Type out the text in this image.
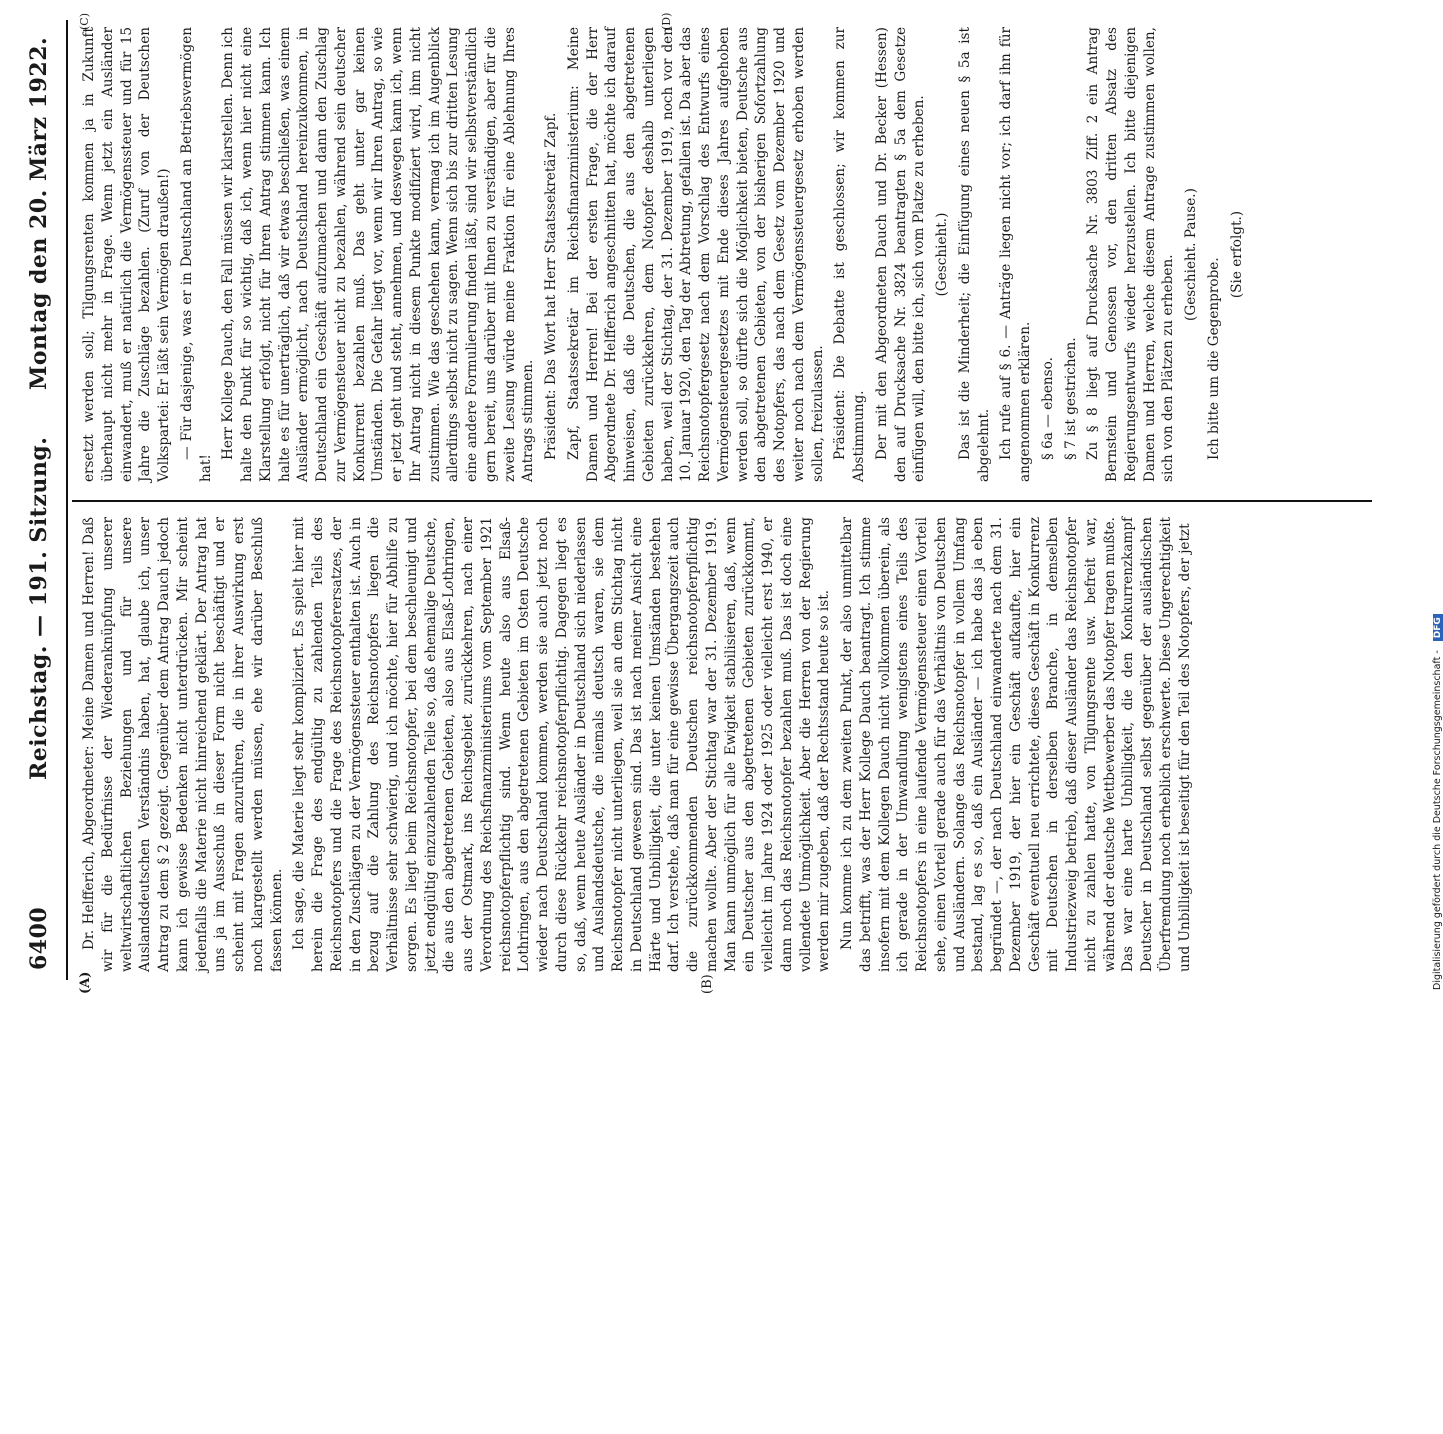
6400
Reichstag. — 191. Sitzung.
Montag den 20. März 1922.
(A)	(B)
(C)	(D)

Dr. Helfferich, Abgeordneter: Meine Damen und Herren! Daß wir für die Bedürfnisse der Wiederanknüpfung unserer weltwirtschaftlichen Beziehungen und für unsere Auslandsdeutschen Verständnis haben, hat, glaube ich, unser Antrag zu dem § 2 gezeigt. Gegenüber dem Antrag Dauch jedoch kann ich gewisse Bedenken nicht unterdrücken. Mir scheint jedenfalls die Materie nicht hinreichend geklärt. Der Antrag hat uns ja im Ausschuß in dieser Form nicht beschäftigt und er scheint mit Fragen anzurühren, die in ihrer Auswirkung erst noch klargestellt werden müssen, ehe wir darüber Beschluß fassen können. Ich sage, die Materie liegt sehr kompliziert. Es spielt hier mit herein die Frage des endgültig zu zahlenden Teils des Reichsnotopfers und die Frage des Reichsnotopferersatzes, der in den Zuschlägen zu der Vermögenssteuer enthalten ist. Auch in bezug auf die Zahlung des Reichsnotopfers liegen die Verhältnisse sehr schwierig, und ich möchte, hier für Abhilfe zu sorgen. Es liegt beim Reichsnotopfer, bei dem beschleunigt und jetzt endgültig einzuzahlenden Teile so, daß ehemalige Deutsche, die aus den abgetretenen Gebieten, also aus Elsaß-Lothringen, aus der Ostmark, ins Reichsgebiet zurückkehren, nach einer Verordnung des Reichsfinanzministeriums vom September 1921 reichsnotopferpflichtig sind. Wenn heute also aus Elsaß-Lothringen, aus den abgetretenen Gebieten im Osten Deutsche wieder nach Deutschland kommen, werden sie auch jetzt noch durch diese Rückkehr reichsnotopferpflichtig. Dagegen liegt es so, daß, wenn heute Ausländer in Deutschland sich niederlassen und Auslandsdeutsche, die niemals deutsch waren, sie dem Reichsnotopfer nicht unterliegen, weil sie an dem Stichtag nicht in Deutschland gewesen sind. Das ist nach meiner Ansicht eine Härte und Unbilligkeit, die unter keinen Umständen bestehen darf. Ich verstehe, daß man für eine gewisse Übergangszeit auch die zurückkommenden Deutschen reichsnotopferpflichtig machen wollte. Aber der Stichtag war der 31. Dezember 1919. Man kann unmöglich für alle Ewigkeit stabilisieren, daß, wenn ein Deutscher aus den abgetretenen Gebieten zurückkommt, vielleicht im Jahre 1924 oder 1925 oder vielleicht erst 1940, er dann noch das Reichsnotopfer bezahlen muß. Das ist doch eine vollendete Unmöglichkeit. Aber die Herren von der Regierung werden mir zugeben, daß der Rechtsstand heute so ist. Nun komme ich zu dem zweiten Punkt, der also unmittelbar das betrifft, was der Herr Kollege Dauch beantragt. Ich stimme insofern mit dem Kollegen Dauch nicht vollkommen überein, als ich gerade in der Umwandlung wenigstens eines Teils des Reichsnotopfers in eine laufende Vermögenssteuer einen Vorteil sehe, einen Vorteil gerade auch für das Verhältnis von Deutschen und Ausländern. Solange das Reichsnotopfer in vollem Umfang bestand, lag es so, daß ein Ausländer — ich habe das ja eben begründet —, der nach Deutschland einwanderte nach dem 31. Dezember 1919, der hier ein Geschäft aufkaufte, hier ein Geschäft eventuell neu errichtete, dieses Geschäft in Konkurrenz mit Deutschen in derselben Branche, in demselben Industriezweig betrieb, daß dieser Ausländer das Reichsnotopfer nicht zu zahlen hatte, von Tilgungsrente usw. befreit war, während der deutsche Wettbewerber das Notopfer tragen mußte. Das war eine harte Unbilligkeit, die den Konkurrenzkampf Deutscher in Deutschland selbst gegenüber der ausländischen Überfremdung noch erheblich erschwerte. Diese Ungerechtigkeit und Unbilligkeit ist beseitigt für den Teil des Notopfers, der jetzt

ersetzt werden soll; Tilgungsrenten kommen ja in Zukunft überhaupt nicht mehr in Frage. Wenn jetzt ein Ausländer einwandert, muß er natürlich die Vermögenssteuer und für 15 Jahre die Zuschläge bezahlen. (Zuruf von der Deutschen Volkspartei: Er läßt sein Vermögen draußen!) — Für dasjenige, was er in Deutschland an Betriebsvermögen hat!

Herr Kollege Dauch, den Fall müssen wir klarstellen. Denn ich halte den Punkt für so wichtig, daß ich, wenn hier nicht eine Klarstellung erfolgt, nicht für Ihren Antrag stimmen kann. Ich halte es für unerträglich, daß wir etwas beschließen, was einem Ausländer ermöglicht, nach Deutschland hereinzukommen, in Deutschland ein Geschäft aufzumachen und dann den Zuschlag zur Vermögensteuer nicht zu bezahlen, während sein deutscher Konkurrent bezahlen muß. Das geht unter gar keinen Umständen. Die Gefahr liegt vor, wenn wir Ihren Antrag, so wie er jetzt geht und steht, annehmen, und deswegen kann ich, wenn Ihr Antrag nicht in diesem Punkte modifiziert wird, ihm nicht zustimmen. Wie das geschehen kann, vermag ich im Augenblick allerdings selbst nicht zu sagen. Wenn sich bis zur dritten Lesung eine andere Formulierung finden läßt, sind wir selbstverständlich gern bereit, uns darüber mit Ihnen zu verständigen, aber für die zweite Lesung würde meine Fraktion für eine Ablehnung Ihres Antrags stimmen. Präsident: Das Wort hat Herr Staatssekretär Zapf. Zapf, Staatssekretär im Reichsfinanzministerium: Meine Damen und Herren! Bei der ersten Frage, die der Herr Abgeordnete Dr. Helfferich angeschnitten hat, möchte ich darauf hinweisen, daß die Deutschen, die aus den abgetretenen Gebieten zurückkehren, dem Notopfer deshalb unterliegen haben, weil der Stichtag, der 31. Dezember 1919, noch vor den 10. Januar 1920, den Tag der Abtretung, gefallen ist. Da aber das Reichsnotopfergesetz nach dem Vorschlag des Entwurfs eines Vermögensteuergesetzes mit Ende dieses Jahres aufgehoben werden soll, so dürfte sich die Möglichkeit bieten, Deutsche aus den abgetretenen Gebieten, von der bisherigen Sofortzahlung des Notopfers, das nach dem Gesetz vom Dezember 1920 und weiter noch nach dem Vermögenssteuergesetz erhoben werden sollen, freizulassen. Präsident: Die Debatte ist geschlossen; wir kommen zur Abstimmung. Der mit den Abgeordneten Dauch und Dr. Becker (Hessen) den auf Drucksache Nr. 3824 beantragten § 5a dem Gesetze einfügen will, den bitte ich, sich vom Platze zu erheben. (Geschieht.) Das ist die Minderheit; die Einfügung eines neuen § 5a ist abgelehnt. Ich rufe auf § 6. — Anträge liegen nicht vor; ich darf ihn für angenommen erklären. § 6a — ebenso. § 7 ist gestrichen. Zu § 8 liegt auf Drucksache Nr. 3803 Ziff. 2 ein Antrag Bernstein und Genossen vor, den dritten Absatz des Regierungsentwurfs wieder herzustellen. Ich bitte diejenigen Damen und Herren, welche diesem Antrage zustimmen wollen, sich von den Plätzen zu erheben. (Geschieht. Pause.)

Ich bitte um die Gegenprobe.

(Sie erfolgt.)

Digitalisierung gefördert durch die Deutsche Forschungsgemeinschaft - DFG
